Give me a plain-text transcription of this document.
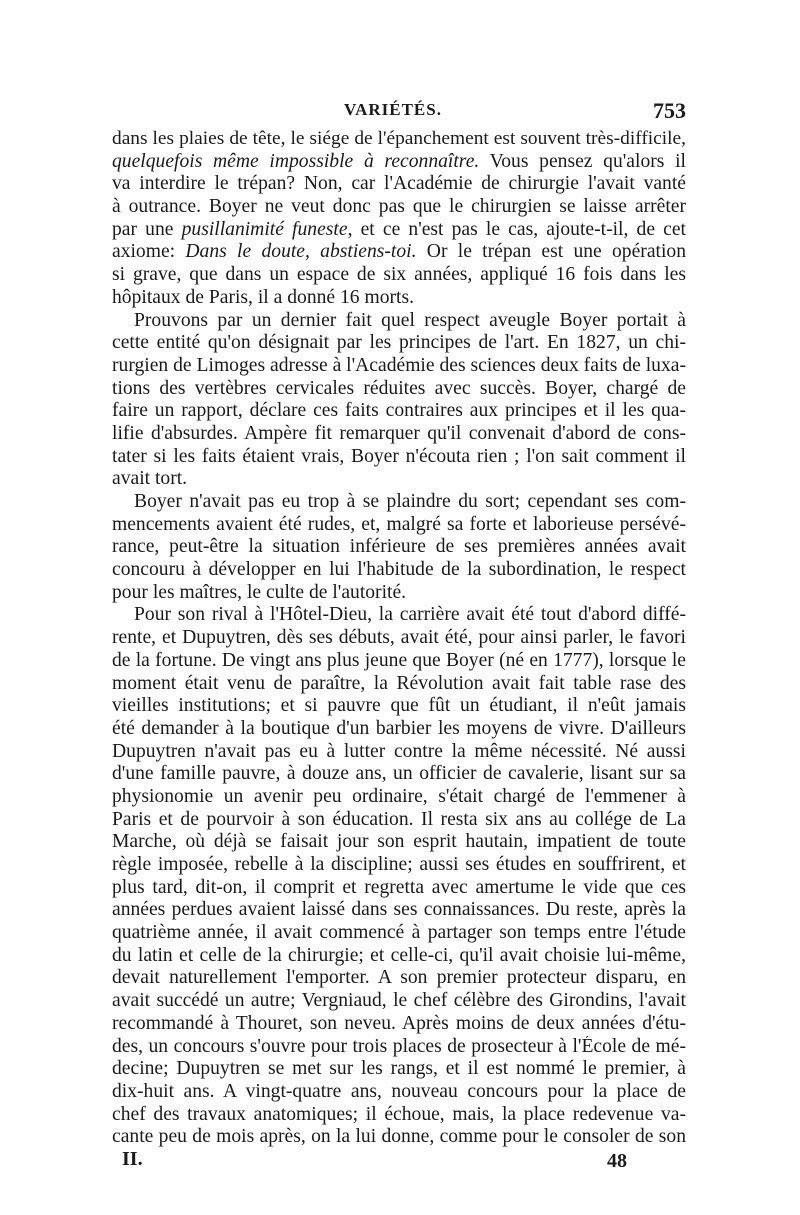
VARIÉTÉS.	753
dans les plaies de tête, le siége de l'épanchement est souvent très-difficile,
quelquefois même impossible à reconnaître. Vous pensez qu'alors il
va interdire le trépan? Non, car l'Académie de chirurgie l'avait vanté
à outrance. Boyer ne veut donc pas que le chirurgien se laisse arrêter
par une pusillanimité funeste, et ce n'est pas le cas, ajoute-t-il, de cet
axiome: Dans le doute, abstiens-toi. Or le trépan est une opération
si grave, que dans un espace de six années, appliqué 16 fois dans les
hôpitaux de Paris, il a donné 16 morts.
Prouvons par un dernier fait quel respect aveugle Boyer portait à
cette entité qu'on désignait par les principes de l'art. En 1827, un chi-
rurgien de Limoges adresse à l'Académie des sciences deux faits de luxa-
tions des vertèbres cervicales réduites avec succès. Boyer, chargé de
faire un rapport, déclare ces faits contraires aux principes et il les qua-
lifie d'absurdes. Ampère fit remarquer qu'il convenait d'abord de cons-
tater si les faits étaient vrais, Boyer n'écouta rien ; l'on sait comment il
avait tort.
Boyer n'avait pas eu trop à se plaindre du sort; cependant ses com-
mencements avaient été rudes, et, malgré sa forte et laborieuse persévé-
rance, peut-être la situation inférieure de ses premières années avait
concouru à développer en lui l'habitude de la subordination, le respect
pour les maîtres, le culte de l'autorité.
Pour son rival à l'Hôtel-Dieu, la carrière avait été tout d'abord diffé-
rente, et Dupuytren, dès ses débuts, avait été, pour ainsi parler, le favori
de la fortune. De vingt ans plus jeune que Boyer (né en 1777), lorsque le
moment était venu de paraître, la Révolution avait fait table rase des
vieilles institutions; et si pauvre que fût un étudiant, il n'eût jamais
été demander à la boutique d'un barbier les moyens de vivre. D'ailleurs
Dupuytren n'avait pas eu à lutter contre la même nécessité. Né aussi
d'une famille pauvre, à douze ans, un officier de cavalerie, lisant sur sa
physionomie un avenir peu ordinaire, s'était chargé de l'emmener à
Paris et de pourvoir à son éducation. Il resta six ans au collége de La
Marche, où déjà se faisait jour son esprit hautain, impatient de toute
règle imposée, rebelle à la discipline; aussi ses études en souffrirent, et
plus tard, dit-on, il comprit et regretta avec amertume le vide que ces
années perdues avaient laissé dans ses connaissances. Du reste, après la
quatrième année, il avait commencé à partager son temps entre l'étude
du latin et celle de la chirurgie; et celle-ci, qu'il avait choisie lui-même,
devait naturellement l'emporter. A son premier protecteur disparu, en
avait succédé un autre; Vergniaud, le chef célèbre des Girondins, l'avait
recommandé à Thouret, son neveu. Après moins de deux années d'étu-
des, un concours s'ouvre pour trois places de prosecteur à l'École de mé-
decine; Dupuytren se met sur les rangs, et il est nommé le premier, à
dix-huit ans. A vingt-quatre ans, nouveau concours pour la place de
chef des travaux anatomiques; il échoue, mais, la place redevenue va-
cante peu de mois après, on la lui donne, comme pour le consoler de son
II.	48
